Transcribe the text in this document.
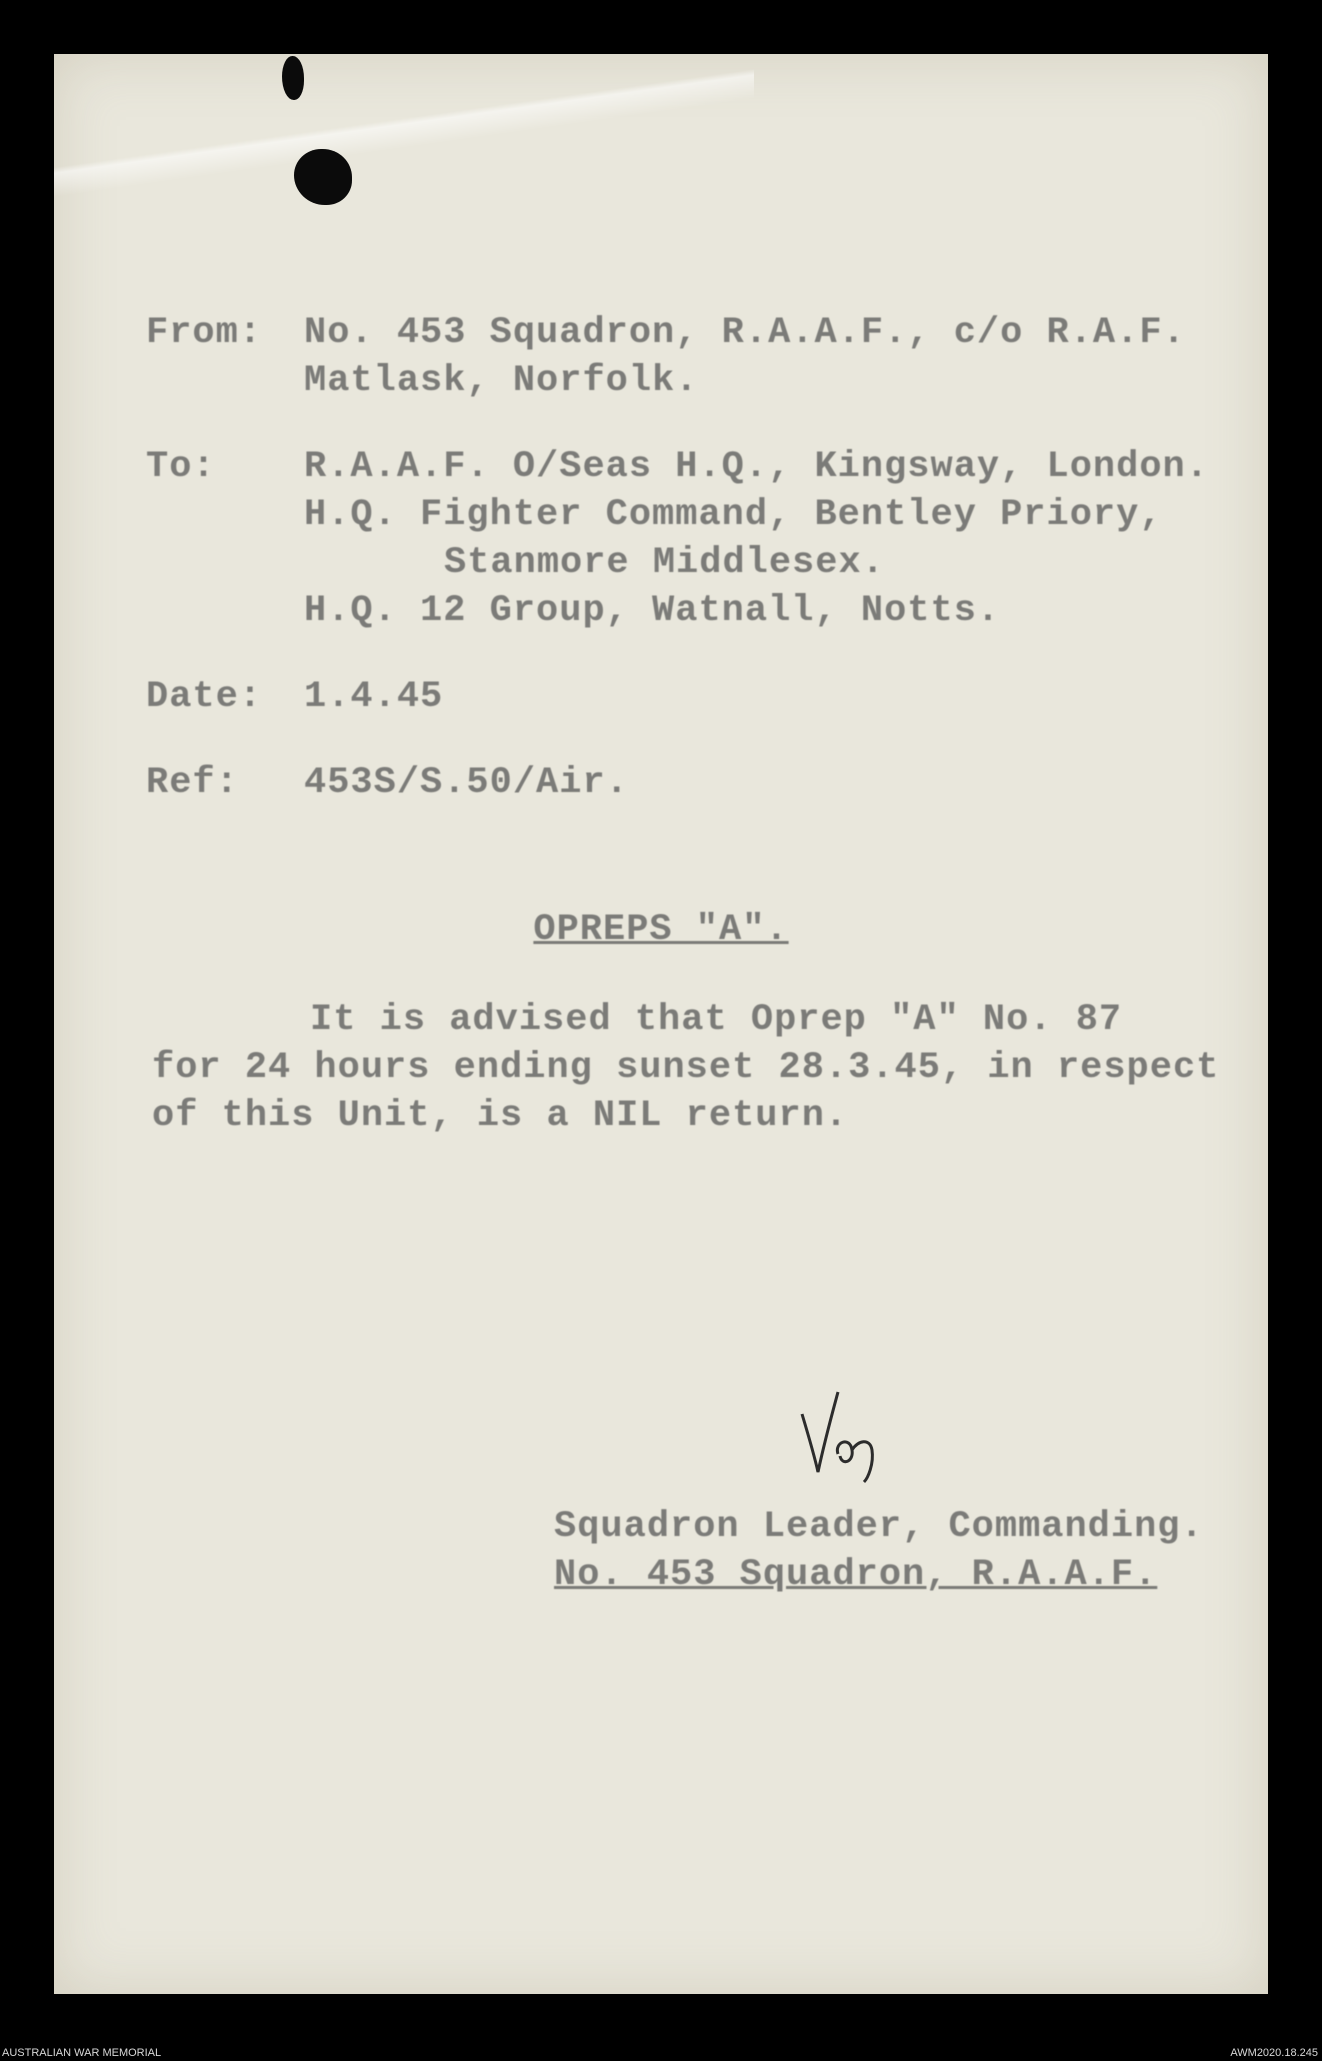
From: No. 453 Squadron, R.A.A.F., c/o R.A.F.
Matlask, Norfolk.
To: R.A.A.F. O/Seas H.Q., Kingsway, London.
H.Q. Fighter Command, Bentley Priory,
Stanmore Middlesex.
H.Q. 12 Group, Watnall, Notts.
Date: 1.4.45
Ref: 453S/S.50/Air.
OPREPS "A".
It is advised that Oprep "A" No. 87
for 24 hours ending sunset 28.3.45, in respect
of this Unit, is a NIL return.
Squadron Leader, Commanding.
No. 453 Squadron, R.A.A.F.
AUSTRALIAN WAR MEMORIAL	AWM2020.18.245
